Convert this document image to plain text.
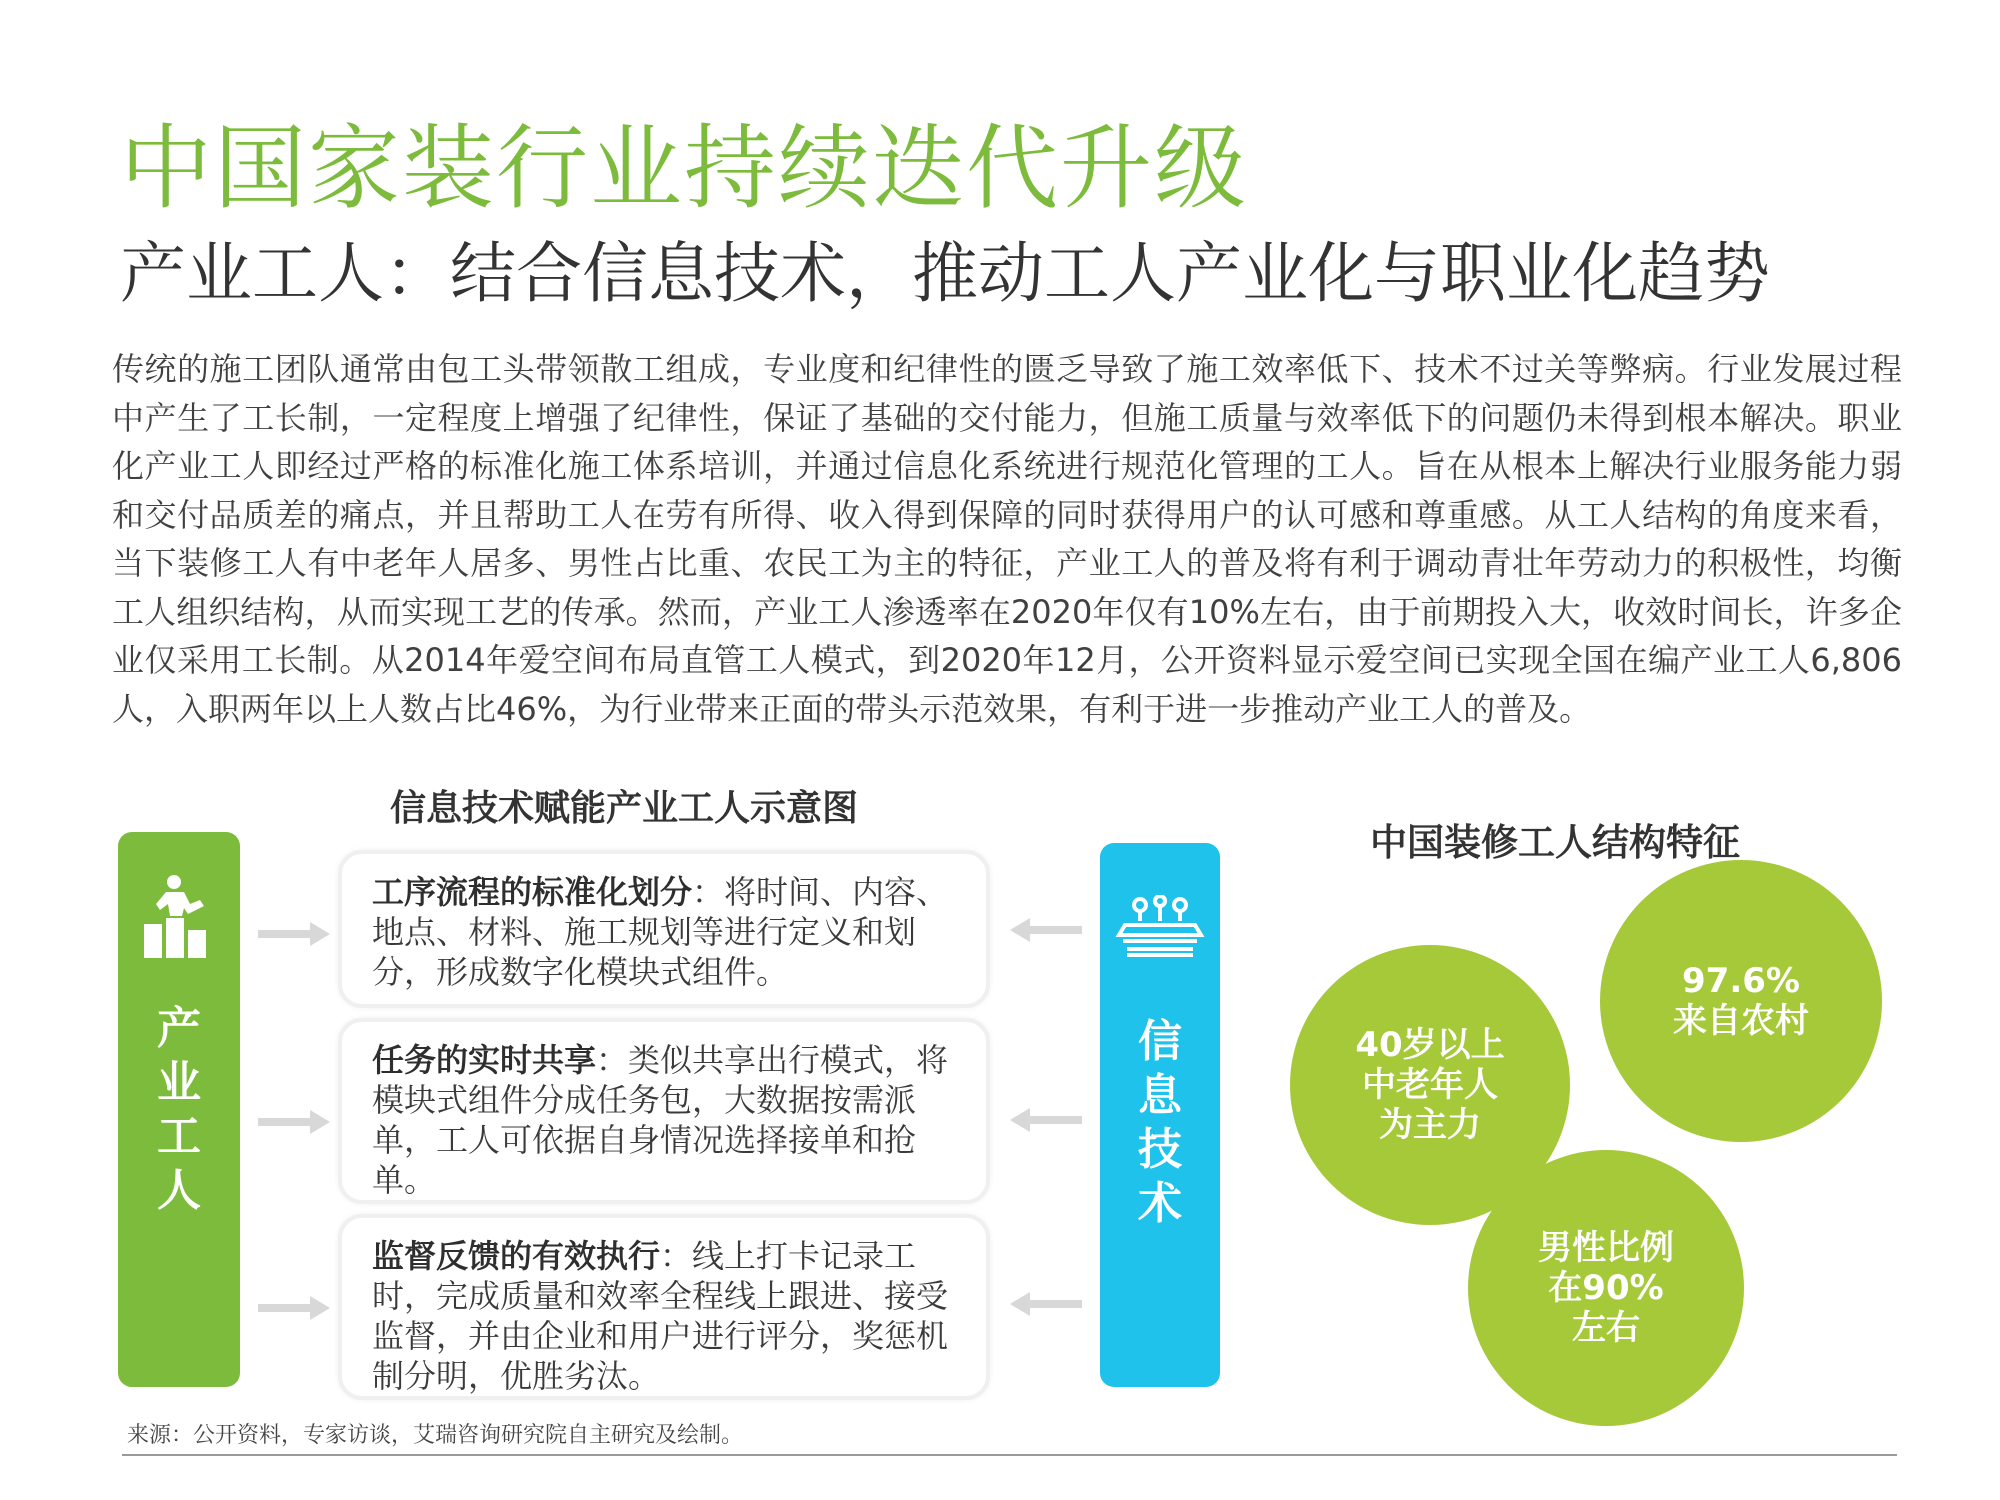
中国家装行业持续迭代升级
产业工人：结合信息技术，推动工人产业化与职业化趋势
传统的施工团队通常由包工头带领散工组成，专业度和纪律性的匮乏导致了施工效率低下、技术不过关等弊病。行业发展过程中产生了工长制，一定程度上增强了纪律性，保证了基础的交付能力，但施工质量与效率低下的问题仍未得到根本解决。职业化产业工人即经过严格的标准化施工体系培训，并通过信息化系统进行规范化管理的工人。旨在从根本上解决行业服务能力弱和交付品质差的痛点，并且帮助工人在劳有所得、收入得到保障的同时获得用户的认可感和尊重感。从工人结构的角度来看，当下装修工人有中老年人居多、男性占比重、农民工为主的特征，产业工人的普及将有利于调动青壮年劳动力的积极性，均衡工人组织结构，从而实现工艺的传承。然而，产业工人渗透率在2020年仅有10%左右，由于前期投入大，收效时间长，许多企业仅采用工长制。从2014年爱空间布局直管工人模式，到2020年12月，公开资料显示爱空间已实现全国在编产业工人6,806人，入职两年以上人数占比46%，为行业带来正面的带头示范效果，有利于进一步推动产业工人的普及。
信息技术赋能产业工人示意图
产
业
工
人
信
息
技
术
工序流程的标准化划分：将时间、内容、地点、材料、施工规划等进行定义和划分，形成数字化模块式组件。
任务的实时共享：类似共享出行模式，将模块式组件分成任务包，大数据按需派单，工人可依据自身情况选择接单和抢单。
监督反馈的有效执行：线上打卡记录工时，完成质量和效率全程线上跟进、接受监督，并由企业和用户进行评分，奖惩机制分明，优胜劣汰。
中国装修工人结构特征
40岁以上
中老年人
为主力
97.6%
来自农村
男性比例
在90%
左右
来源：公开资料，专家访谈，艾瑞咨询研究院自主研究及绘制。
